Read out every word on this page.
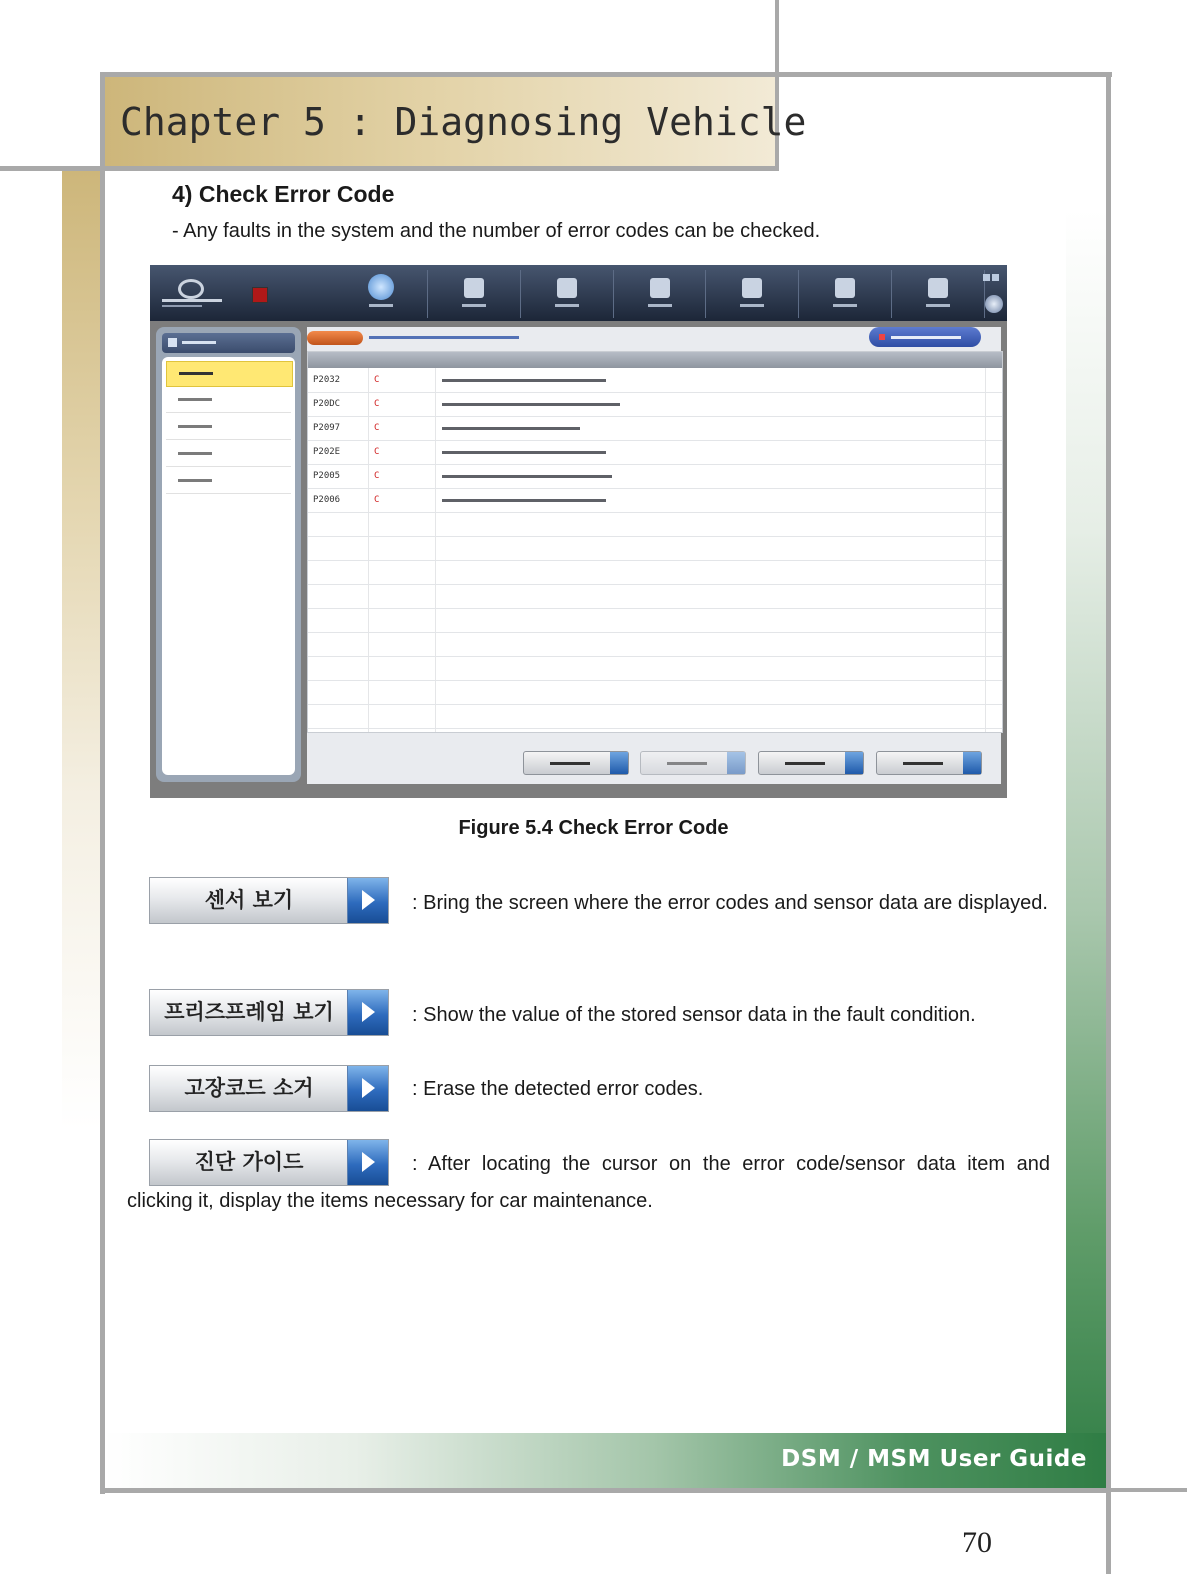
Chapter 5 : Diagnosing Vehicle
4) Check Error Code
- Any faults in the system and the number of error codes can be checked.
P2032	C
P20DC	C
P2097	C
P202E	C
P2005	C
P2006	C
Figure 5.4 Check Error Code
센서 보기	: Bring the screen where the error codes and sensor data are displayed.
프리즈프레임 보기	: Show the value of the stored sensor data in the fault condition.
고장코드 소거	: Erase the detected error codes.
진단 가이드	: After locating the cursor on the error code/sensor data item and clicking it, display the items necessary for car maintenance.
DSM / MSM User Guide
70
